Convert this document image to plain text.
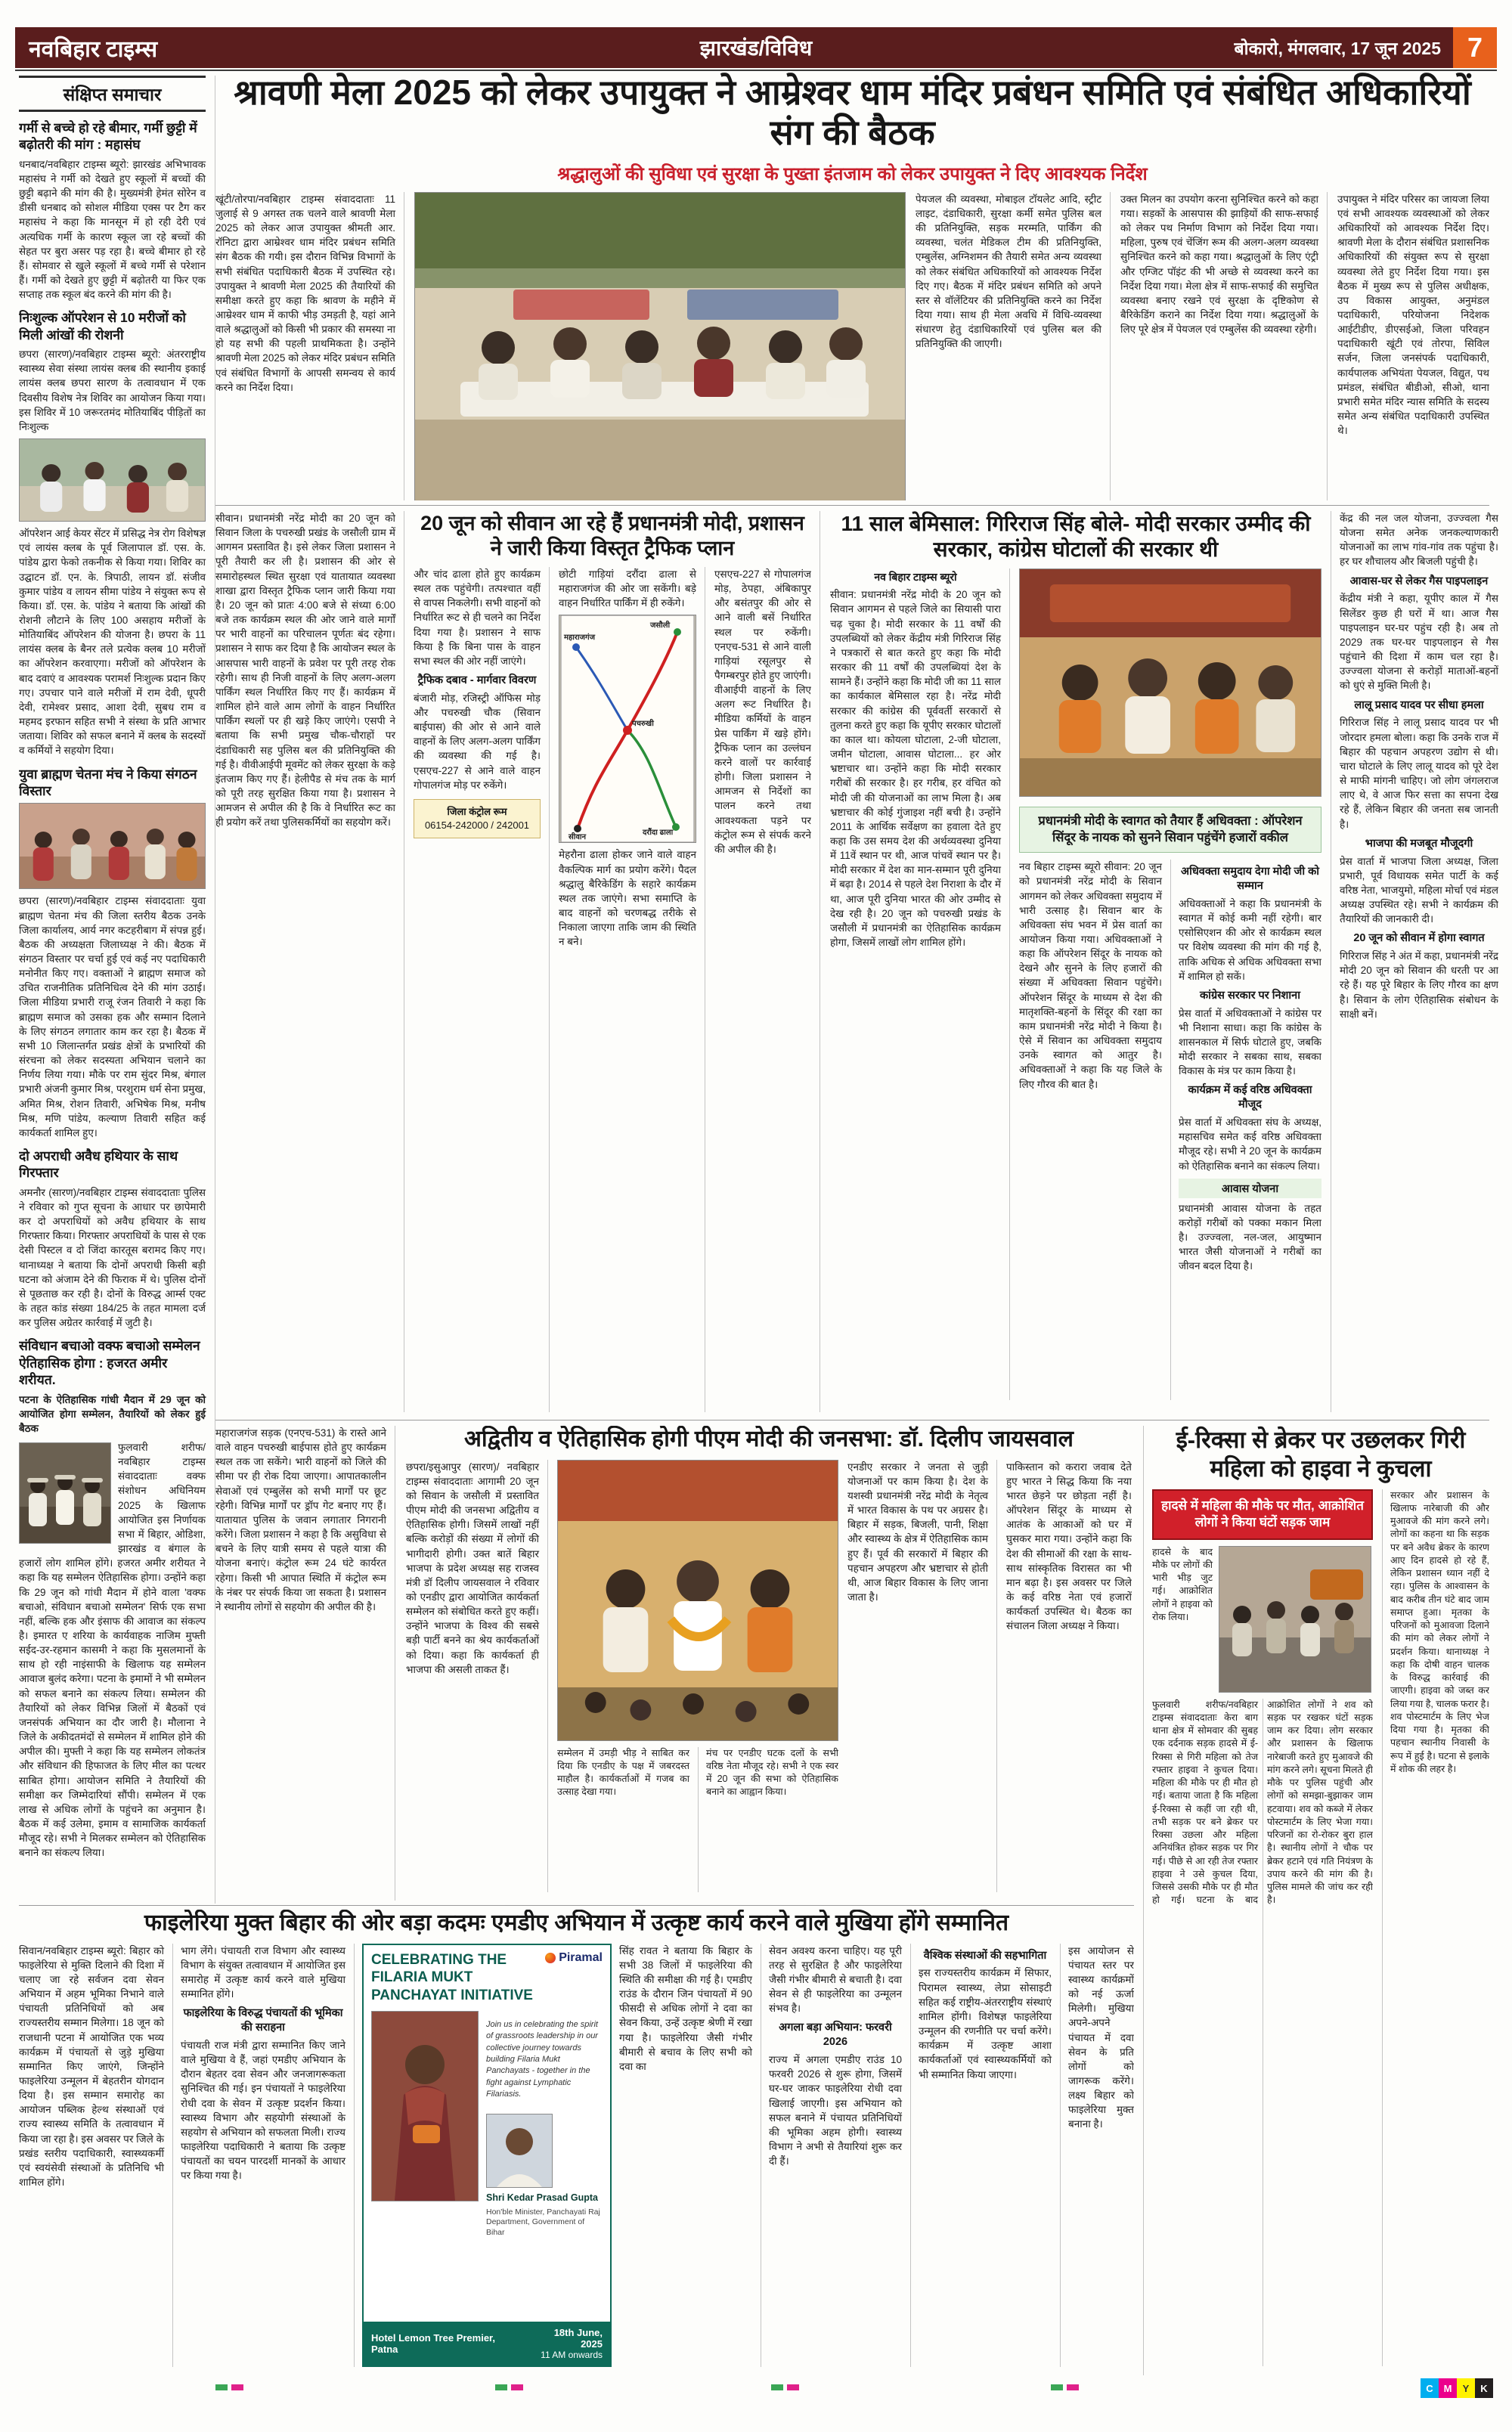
नवबिहार टाइम्स	झारखंड/विविध	बोकारो, मंगलवार, 17 जून 2025 7
संक्षिप्त समाचार
गर्मी से बच्चे हो रहे बीमार, गर्मी छुट्टी में बढ़ोतरी की मांग : महासंघ

धनबाद/नवबिहार टाइम्स ब्यूरो: झारखंड अभिभावक महासंघ ने गर्मी को देखते हुए स्कूलों में बच्चों की छुट्टी बढ़ाने की मांग की है। मुख्यमंत्री हेमंत सोरेन व डीसी धनबाद को सोशल मीडिया एक्स पर टैग कर महासंघ ने कहा कि मानसून में हो रही देरी एवं अत्यधिक गर्मी के कारण स्कूल जा रहे बच्चों की सेहत पर बुरा असर पड़ रहा है। बच्चे बीमार हो रहे हैं। सोमवार से खुले स्कूलों में बच्चे गर्मी से परेशान हैं। गर्मी को देखते हुए छुट्टी में बढ़ोतरी या फिर एक सप्ताह तक स्कूल बंद करने की मांग की है।

निःशुल्क ऑपरेशन से 10 मरीजों को मिली आंखों की रोशनी

छपरा (सारण)/नवबिहार टाइम्स ब्यूरो: अंतरराष्ट्रीय स्वास्थ्य सेवा संस्था लायंस क्लब की स्थानीय इकाई लायंस क्लब छपरा सारण के तत्वावधान में एक दिवसीय विशेष नेत्र शिविर का आयोजन किया गया। इस शिविर में 10 जरूरतमंद मोतियाबिंद पीड़ितों का निःशुल्क

ऑपरेशन आई केयर सेंटर में प्रसिद्ध नेत्र रोग विशेषज्ञ एवं लायंस क्लब के पूर्व जिलापाल डॉ. एस. के. पांडेय द्वारा फेको तकनीक से किया गया। शिविर का उद्घाटन डॉ. एन. के. त्रिपाठी, लायन डॉ. संजीव कुमार पांडेय व लायन सीमा पांडेय ने संयुक्त रूप से किया। डॉ. एस. के. पांडेय ने बताया कि आंखों की रोशनी लौटाने के लिए 100 असहाय मरीजों के मोतियाबिंद ऑपरेशन की योजना है। छपरा के 11 लायंस क्लब के बैनर तले प्रत्येक क्लब 10 मरीजों का ऑपरेशन करवाएगा। मरीजों को ऑपरेशन के बाद दवाएं व आवश्यक परामर्श निःशुल्क प्रदान किए गए। उपचार पाने वाले मरीजों में राम देवी, धूपरी देवी, रामेश्वर प्रसाद, आशा देवी, सुबध राम व महमद इरफान सहित सभी ने संस्था के प्रति आभार जताया। शिविर को सफल बनाने में क्लब के सदस्यों व कर्मियों ने सहयोग दिया।

युवा ब्राह्मण चेतना मंच ने किया संगठन विस्तार

छपरा (सारण)/नवबिहार टाइम्स संवाददाताः युवा ब्राह्मण चेतना मंच की जिला स्तरीय बैठक उनके जिला कार्यालय, आर्य नगर कटहरीबाग में संपन्न हुई। बैठक की अध्यक्षता जिलाध्यक्ष ने की। बैठक में संगठन विस्तार पर चर्चा हुई एवं कई नए पदाधिकारी मनोनीत किए गए। वक्ताओं ने ब्राह्मण समाज को उचित राजनीतिक प्रतिनिधित्व देने की मांग उठाई। जिला मीडिया प्रभारी राजू रंजन तिवारी ने कहा कि ब्राह्मण समाज को उसका हक और सम्मान दिलाने के लिए संगठन लगातार काम कर रहा है। बैठक में सभी 10 जिलान्तर्गत प्रखंड क्षेत्रों के प्रभारियों की संरचना को लेकर सदस्यता अभियान चलाने का निर्णय लिया गया। मौके पर राम सुंदर मिश्र, बंगाल प्रभारी अंजनी कुमार मिश्र, परशुराम धर्म सेना प्रमुख, अमित मिश्र, रोशन तिवारी, अभिषेक मिश्र, मनीष मिश्र, मणि पांडेय, कल्याण तिवारी सहित कई कार्यकर्ता शामिल हुए।

दो अपराधी अवैध हथियार के साथ गिरफ्तार

अमनौर (सारण)/नवबिहार टाइम्स संवाददाताः पुलिस ने रविवार को गुप्त सूचना के आधार पर छापेमारी कर दो अपराधियों को अवैध हथियार के साथ गिरफ्तार किया। गिरफ्तार अपराधियों के पास से एक देसी पिस्टल व दो जिंदा कारतूस बरामद किए गए। थानाध्यक्ष ने बताया कि दोनों अपराधी किसी बड़ी घटना को अंजाम देने की फिराक में थे। पुलिस दोनों से पूछताछ कर रही है। दोनों के विरुद्ध आर्म्स एक्ट के तहत कांड संख्या 184/25 के तहत मामला दर्ज कर पुलिस अग्रेतर कार्रवाई में जुटी है।

संविधान बचाओ वक्फ बचाओ सम्मेलन ऐतिहासिक होगा : हजरत अमीर शरीयत.

पटना के ऐतिहासिक गांधी मैदान में 29 जून को आयोजित होगा सम्मेलन, तैयारियों को लेकर हुई बैठक

फुलवारी शरीफ/नवबिहार टाइम्स संवाददाताः वक्फ संशोधन अधिनियम 2025 के खिलाफ आयोजित इस निर्णायक सभा में बिहार, ओडिशा, झारखंड व बंगाल के हजारों लोग शामिल होंगे। हजरत अमीर शरीयत ने कहा कि यह सम्मेलन ऐतिहासिक होगा। उन्होंने कहा कि 29 जून को गांधी मैदान में होने वाला 'वक्फ बचाओ, संविधान बचाओ सम्मेलन' सिर्फ एक सभा नहीं, बल्कि हक और इंसाफ की आवाज का संकल्प है। इमारत ए शरिया के कार्यवाहक नाजिम मुफ्ती सईद-उर-रहमान कासमी ने कहा कि मुसलमानों के साथ हो रही नाइंसाफी के खिलाफ यह सम्मेलन आवाज बुलंद करेगा। पटना के इमामों ने भी सम्मेलन को सफल बनाने का संकल्प लिया। सम्मेलन की तैयारियों को लेकर विभिन्न जिलों में बैठकों एवं जनसंपर्क अभियान का दौर जारी है। मौलाना ने जिले के अकीदतमंदों से सम्मेलन में शामिल होने की अपील की। मुफ्ती ने कहा कि यह सम्मेलन लोकतंत्र और संविधान की हिफाजत के लिए मील का पत्थर साबित होगा। आयोजन समिति ने तैयारियों की समीक्षा कर जिम्मेदारियां सौंपी। सम्मेलन में एक लाख से अधिक लोगों के पहुंचने का अनुमान है। बैठक में कई उलेमा, इमाम व सामाजिक कार्यकर्ता मौजूद रहे। सभी ने मिलकर सम्मेलन को ऐतिहासिक बनाने का संकल्प लिया।

श्रावणी मेला 2025 को लेकर उपायुक्त ने आम्रेश्वर धाम मंदिर प्रबंधन समिति एवं संबंधित अधिकारियों संग की बैठक
श्रद्धालुओं की सुविधा एवं सुरक्षा के पुख्ता इंतजाम को लेकर उपायुक्त ने दिए आवश्यक निर्देश

खूंटी/तोरपा/नवबिहार टाइम्स संवाददाताः 11 जुलाई से 9 अगस्त तक चलने वाले श्रावणी मेला 2025 को लेकर आज उपायुक्त श्रीमती आर. रॉनिटा द्वारा आम्रेश्वर धाम मंदिर प्रबंधन समिति संग बैठक की गयी। इस दौरान विभिन्न विभागों के सभी संबंधित पदाधिकारी बैठक में उपस्थित रहे। उपायुक्त ने श्रावणी मेला 2025 की तैयारियों की समीक्षा करते हुए कहा कि श्रावण के महीने में आम्रेश्वर धाम में काफी भीड़ उमड़ती है, यहां आने वाले श्रद्धालुओं को किसी भी प्रकार की समस्या ना हो यह सभी की पहली प्राथमिकता है। उन्होंने श्रावणी मेला 2025 को लेकर मंदिर प्रबंधन समिति एवं संबंधित विभागों के आपसी समन्वय से कार्य करने का निर्देश दिया।

पेयजल की व्यवस्था, मोबाइल टॉयलेट आदि, स्ट्रीट लाइट, दंडाधिकारी, सुरक्षा कर्मी समेत पुलिस बल की प्रतिनियुक्ति, सड़क मरम्मति, पार्किंग की व्यवस्था, चलंत मेडिकल टीम की प्रतिनियुक्ति, एम्बुलेंस, अग्निशमन की तैयारी समेत अन्य व्यवस्था को लेकर संबंधित अधिकारियों को आवश्यक निर्देश दिए गए। बैठक में मंदिर प्रबंधन समिति को अपने स्तर से वॉलेंटियर की प्रतिनियुक्ति करने का निर्देश दिया गया। साथ ही मेला अवधि में विधि-व्यवस्था संधारण हेतु दंडाधिकारियों एवं पुलिस बल की प्रतिनियुक्ति की जाएगी।

उक्त मिलन का उपयोग करना सुनिश्चित करने को कहा गया। सड़कों के आसपास की झाड़ियों की साफ-सफाई को लेकर पथ निर्माण विभाग को निर्देश दिया गया। महिला, पुरुष एवं चेंजिंग रूम की अलग-अलग व्यवस्था सुनिश्चित करने को कहा गया। श्रद्धालुओं के लिए एंट्री और एग्जिट पॉइंट की भी अच्छे से व्यवस्था करने का निर्देश दिया गया। मेला क्षेत्र में साफ-सफाई की समुचित व्यवस्था बनाए रखने एवं सुरक्षा के दृष्टिकोण से बैरिकेडिंग कराने का निर्देश दिया गया। श्रद्धालुओं के लिए पूरे क्षेत्र में पेयजल एवं एम्बुलेंस की व्यवस्था रहेगी।

उपायुक्त ने मंदिर परिसर का जायजा लिया एवं सभी आवश्यक व्यवस्थाओं को लेकर अधिकारियों को आवश्यक निर्देश दिए। श्रावणी मेला के दौरान संबंधित प्रशासनिक अधिकारियों की संयुक्त रूप से सुरक्षा व्यवस्था लेते हुए निर्देश दिया गया। इस बैठक में मुख्य रूप से पुलिस अधीक्षक, उप विकास आयुक्त, अनुमंडल पदाधिकारी, परियोजना निदेशक आईटीडीए, डीएसईओ, जिला परिवहन पदाधिकारी खूंटी एवं तोरपा, सिविल सर्जन, जिला जनसंपर्क पदाधिकारी, कार्यपालक अभियंता पेयजल, विद्युत, पथ प्रमंडल, संबंधित बीडीओ, सीओ, थाना प्रभारी समेत मंदिर न्यास समिति के सदस्य समेत अन्य संबंधित पदाधिकारी उपस्थित थे।

सीवान। प्रधानमंत्री नरेंद्र मोदी का 20 जून को सिवान जिला के पचरुखी प्रखंड के जसौली ग्राम में आगमन प्रस्तावित है। इसे लेकर जिला प्रशासन ने पूरी तैयारी कर ली है। प्रशासन की ओर से समारोहस्थल स्थित सुरक्षा एवं यातायात व्यवस्था शाखा द्वारा विस्तृत ट्रैफिक प्लान जारी किया गया है। 20 जून को प्रातः 4:00 बजे से संध्या 6:00 बजे तक कार्यक्रम स्थल की ओर जाने वाले मार्गों पर भारी वाहनों का परिचालन पूर्णतः बंद रहेगा। प्रशासन ने साफ कर दिया है कि आयोजन स्थल के आसपास भारी वाहनों के प्रवेश पर पूरी तरह रोक रहेगी। साथ ही निजी वाहनों के लिए अलग-अलग पार्किंग स्थल निर्धारित किए गए हैं। कार्यक्रम में शामिल होने वाले आम लोगों के वाहन निर्धारित पार्किंग स्थलों पर ही खड़े किए जाएंगे। एसपी ने बताया कि सभी प्रमुख चौक-चौराहों पर दंडाधिकारी सह पुलिस बल की प्रतिनियुक्ति की गई है। वीवीआईपी मूवमेंट को लेकर सुरक्षा के कड़े इंतजाम किए गए हैं। हेलीपैड से मंच तक के मार्ग को पूरी तरह सुरक्षित किया गया है। प्रशासन ने आमजन से अपील की है कि वे निर्धारित रूट का ही प्रयोग करें तथा पुलिसकर्मियों का सहयोग करें।

20 जून को सीवान आ रहे हैं प्रधानमंत्री मोदी, प्रशासन ने जारी किया विस्तृत ट्रैफिक प्लान

और चांद ढाला होते हुए कार्यक्रम स्थल तक पहुंचेगी। तत्पश्चात वहीं से वापस निकलेगी। सभी वाहनों को निर्धारित रूट से ही चलने का निर्देश दिया गया है। प्रशासन ने साफ किया है कि बिना पास के वाहन सभा स्थल की ओर नहीं जाएंगे।

ट्रैफिक दबाव - मार्गवार विवरण

बंजारी मोड़, रजिस्ट्री ऑफिस मोड़ और पचरुखी चौक (सिवान बाईपास) की ओर से आने वाले वाहनों के लिए अलग-अलग पार्किंग की व्यवस्था की गई है। एसएच-227 से आने वाले वाहन गोपालगंज मोड़ पर रुकेंगे।

जिला कंट्रोल रूम
06154-242000 / 242001

छोटी गाड़ियां दरौंदा ढाला से महाराजगंज की ओर जा सकेंगी। बड़े वाहन निर्धारित पार्किंग में ही रुकेंगे।

सीवान
दरौंदा ढाला
पचरुखी
जसौली
महाराजगंज

मेहरौना ढाला होकर जाने वाले वाहन वैकल्पिक मार्ग का प्रयोग करेंगे। पैदल श्रद्धालु बैरिकेडिंग के सहारे कार्यक्रम स्थल तक जाएंगे। सभा समाप्ति के बाद वाहनों को चरणबद्ध तरीके से निकाला जाएगा ताकि जाम की स्थिति न बने।

एसएच-227 से गोपालगंज मोड़, ठेपहा, अंबिकापुर और बसंतपुर की ओर से आने वाली बसें निर्धारित स्थल पर रुकेंगी। एनएच-531 से आने वाली गाड़ियां रसूलपुर से पैगम्बरपुर होते हुए जाएंगी। वीआईपी वाहनों के लिए अलग रूट निर्धारित है। मीडिया कर्मियों के वाहन प्रेस पार्किंग में खड़े होंगे। ट्रैफिक प्लान का उल्लंघन करने वालों पर कार्रवाई होगी। जिला प्रशासन ने आमजन से निर्देशों का पालन करने तथा आवश्यकता पड़ने पर कंट्रोल रूम से संपर्क करने की अपील की है।

11 साल बेमिसाल: गिरिराज सिंह बोले- मोदी सरकार उम्मीद की सरकार, कांग्रेस घोटालों की सरकार थी
नव बिहार टाइम्स ब्यूरो

सीवान: प्रधानमंत्री नरेंद्र मोदी के 20 जून को सिवान आगमन से पहले जिले का सियासी पारा चढ़ चुका है। मोदी सरकार के 11 वर्षों की उपलब्धियों को लेकर केंद्रीय मंत्री गिरिराज सिंह ने पत्रकारों से बात करते हुए कहा कि मोदी सरकार की 11 वर्षों की उपलब्धियां देश के सामने हैं। उन्होंने कहा कि मोदी जी का 11 साल का कार्यकाल बेमिसाल रहा है। नरेंद्र मोदी सरकार की कांग्रेस की पूर्ववर्ती सरकारों से तुलना करते हुए कहा कि यूपीए सरकार घोटालों का काल था। कोयला घोटाला, 2-जी घोटाला, जमीन घोटाला, आवास घोटाला... हर ओर भ्रष्टाचार था। उन्होंने कहा कि मोदी सरकार गरीबों की सरकार है। हर गरीब, हर वंचित को मोदी जी की योजनाओं का लाभ मिला है। अब भ्रष्टाचार की कोई गुंजाइश नहीं बची है। उन्होंने 2011 के आर्थिक सर्वेक्षण का हवाला देते हुए कहा कि उस समय देश की अर्थव्यवस्था दुनिया में 11वें स्थान पर थी, आज पांचवें स्थान पर है। मोदी सरकार में देश का मान-सम्मान पूरी दुनिया में बढ़ा है। 2014 से पहले देश निराशा के दौर में था, आज पूरी दुनिया भारत की ओर उम्मीद से देख रही है। 20 जून को पचरुखी प्रखंड के जसौली में प्रधानमंत्री का ऐतिहासिक कार्यक्रम होगा, जिसमें लाखों लोग शामिल होंगे।

प्रधानमंत्री मोदी के स्वागत को तैयार हैं अधिवक्ता : ऑपरेशन सिंदूर के नायक को सुनने सिवान पहुंचेंगे हजारों वकील

नव बिहार टाइम्स ब्यूरो सीवान: 20 जून को प्रधानमंत्री नरेंद्र मोदी के सिवान आगमन को लेकर अधिवक्ता समुदाय में भारी उत्साह है। सिवान बार के अधिवक्ता संघ भवन में प्रेस वार्ता का आयोजन किया गया। अधिवक्ताओं ने कहा कि ऑपरेशन सिंदूर के नायक को देखने और सुनने के लिए हजारों की संख्या में अधिवक्ता सिवान पहुंचेंगे। ऑपरेशन सिंदूर के माध्यम से देश की मातृशक्ति-बहनों के सिंदूर की रक्षा का काम प्रधानमंत्री नरेंद्र मोदी ने किया है। ऐसे में सिवान का अधिवक्ता समुदाय उनके स्वागत को आतुर है। अधिवक्ताओं ने कहा कि यह जिले के लिए गौरव की बात है।

अधिवक्ता समुदाय देगा मोदी जी को सम्मान

अधिवक्ताओं ने कहा कि प्रधानमंत्री के स्वागत में कोई कमी नहीं रहेगी। बार एसोसिएशन की ओर से कार्यक्रम स्थल पर विशेष व्यवस्था की मांग की गई है, ताकि अधिक से अधिक अधिवक्ता सभा में शामिल हो सकें।

कांग्रेस सरकार पर निशाना

प्रेस वार्ता में अधिवक्ताओं ने कांग्रेस पर भी निशाना साधा। कहा कि कांग्रेस के शासनकाल में सिर्फ घोटाले हुए, जबकि मोदी सरकार ने सबका साथ, सबका विकास के मंत्र पर काम किया है।

कार्यक्रम में कई वरिष्ठ अधिवक्ता मौजूद

प्रेस वार्ता में अधिवक्ता संघ के अध्यक्ष, महासचिव समेत कई वरिष्ठ अधिवक्ता मौजूद रहे। सभी ने 20 जून के कार्यक्रम को ऐतिहासिक बनाने का संकल्प लिया।

आवास योजना

प्रधानमंत्री आवास योजना के तहत करोड़ों गरीबों को पक्का मकान मिला है। उज्ज्वला, नल-जल, आयुष्मान भारत जैसी योजनाओं ने गरीबों का जीवन बदल दिया है।

केंद्र की नल जल योजना, उज्ज्वला गैस योजना समेत अनेक जनकल्याणकारी योजनाओं का लाभ गांव-गांव तक पहुंचा है। हर घर शौचालय और बिजली पहुंची है।

आवास-घर से लेकर गैस पाइपलाइन

केंद्रीय मंत्री ने कहा, यूपीए काल में गैस सिलेंडर कुछ ही घरों में था। आज गैस पाइपलाइन घर-घर पहुंच रही है। अब तो 2029 तक घर-घर पाइपलाइन से गैस पहुंचाने की दिशा में काम चल रहा है। उज्ज्वला योजना से करोड़ों माताओं-बहनों को धुएं से मुक्ति मिली है।

लालू प्रसाद यादव पर सीधा हमला

गिरिराज सिंह ने लालू प्रसाद यादव पर भी जोरदार हमला बोला। कहा कि उनके राज में बिहार की पहचान अपहरण उद्योग से थी। चारा घोटाले के लिए लालू यादव को पूरे देश से माफी मांगनी चाहिए। जो लोग जंगलराज लाए थे, वे आज फिर सत्ता का सपना देख रहे हैं, लेकिन बिहार की जनता सब जानती है।

भाजपा की मजबूत मौजूदगी

प्रेस वार्ता में भाजपा जिला अध्यक्ष, जिला प्रभारी, पूर्व विधायक समेत पार्टी के कई वरिष्ठ नेता, भाजयुमो, महिला मोर्चा एवं मंडल अध्यक्ष उपस्थित रहे। सभी ने कार्यक्रम की तैयारियों की जानकारी दी।

20 जून को सीवान में होगा स्वागत

गिरिराज सिंह ने अंत में कहा, प्रधानमंत्री नरेंद्र मोदी 20 जून को सिवान की धरती पर आ रहे हैं। यह पूरे बिहार के लिए गौरव का क्षण है। सिवान के लोग ऐतिहासिक संबोधन के साक्षी बनें।

महाराजगंज सड़क (एनएच-531) के रास्ते आने वाले वाहन पचरुखी बाईपास होते हुए कार्यक्रम स्थल तक जा सकेंगे। भारी वाहनों को जिले की सीमा पर ही रोक दिया जाएगा। आपातकालीन सेवाओं एवं एम्बुलेंस को सभी मार्गों पर छूट रहेगी। विभिन्न मार्गों पर ड्रॉप गेट बनाए गए हैं। यातायात पुलिस के जवान लगातार निगरानी करेंगे। जिला प्रशासन ने कहा है कि असुविधा से बचने के लिए यात्री समय से पहले यात्रा की योजना बनाएं। कंट्रोल रूम 24 घंटे कार्यरत रहेगा। किसी भी आपात स्थिति में कंट्रोल रूम के नंबर पर संपर्क किया जा सकता है। प्रशासन ने स्थानीय लोगों से सहयोग की अपील की है।

अद्वितीय व ऐतिहासिक होगी पीएम मोदी की जनसभा: डॉ. दिलीप जायसवाल

छपरा/इसुआपुर (सारण)/ नवबिहार टाइम्स संवाददाताः आगामी 20 जून को सिवान के जसौली में प्रस्तावित पीएम मोदी की जनसभा अद्वितीय व ऐतिहासिक होगी। जिसमें लाखों नहीं बल्कि करोड़ों की संख्या में लोगों की भागीदारी होगी। उक्त बातें बिहार भाजपा के प्रदेश अध्यक्ष सह राजस्व मंत्री डॉ दिलीप जायसवाल ने रविवार को एनडीए द्वारा आयोजित कार्यकर्ता सम्मेलन को संबोधित करते हुए कहीं। उन्होंने भाजपा के विश्व की सबसे बड़ी पार्टी बनने का श्रेय कार्यकर्ताओं को दिया। कहा कि कार्यकर्ता ही भाजपा की असली ताकत हैं।

सम्मेलन में उमड़ी भीड़ ने साबित कर दिया कि एनडीए के पक्ष में जबरदस्त माहौल है। कार्यकर्ताओं में गजब का उत्साह देखा गया।

मंच पर एनडीए घटक दलों के सभी वरिष्ठ नेता मौजूद रहे। सभी ने एक स्वर में 20 जून की सभा को ऐतिहासिक बनाने का आह्वान किया।

एनडीए सरकार ने जनता से जुड़ी योजनाओं पर काम किया है। देश के यशस्वी प्रधानमंत्री नरेंद्र मोदी के नेतृत्व में भारत विकास के पथ पर अग्रसर है। बिहार में सड़क, बिजली, पानी, शिक्षा और स्वास्थ्य के क्षेत्र में ऐतिहासिक काम हुए हैं। पूर्व की सरकारों में बिहार की पहचान अपहरण और भ्रष्टाचार से होती थी, आज बिहार विकास के लिए जाना जाता है।

पाकिस्तान को करारा जवाब देते हुए भारत ने सिद्ध किया कि नया भारत छेड़ने पर छोड़ता नहीं है। ऑपरेशन सिंदूर के माध्यम से आतंक के आकाओं को घर में घुसकर मारा गया। उन्होंने कहा कि देश की सीमाओं की रक्षा के साथ-साथ सांस्कृतिक विरासत का भी मान बढ़ा है। इस अवसर पर जिले के कई वरिष्ठ नेता एवं हजारों कार्यकर्ता उपस्थित थे। बैठक का संचालन जिला अध्यक्ष ने किया।

ई-रिक्सा से ब्रेकर पर उछलकर गिरी महिला को हाइवा ने कुचला
हादसे में महिला की मौके पर मौत, आक्रोशित लोगों ने किया घंटों सड़क जाम

हादसे के बाद मौके पर लोगों की भारी भीड़ जुट गई। आक्रोशित लोगों ने हाइवा को रोक लिया।

फुलवारी शरीफ/नवबिहार टाइम्स संवाददाताः केरा बाग थाना क्षेत्र में सोमवार की सुबह एक दर्दनाक सड़क हादसे में ई-रिक्सा से गिरी महिला को तेज रफ्तार हाइवा ने कुचल दिया। महिला की मौके पर ही मौत हो गई। बताया जाता है कि महिला ई-रिक्सा से कहीं जा रही थी, तभी सड़क पर बने ब्रेकर पर रिक्सा उछला और महिला अनियंत्रित होकर सड़क पर गिर गई। पीछे से आ रही तेज रफ्तार हाइवा ने उसे कुचल दिया, जिससे उसकी मौके पर ही मौत हो गई। घटना के बाद आक्रोशित लोगों ने शव को सड़क पर रखकर घंटों सड़क जाम कर दिया। लोग सरकार और प्रशासन के खिलाफ नारेबाजी करते हुए मुआवजे की मांग करने लगे। सूचना मिलते ही मौके पर पुलिस पहुंची और लोगों को समझा-बुझाकर जाम हटवाया। शव को कब्जे में लेकर पोस्टमार्टम के लिए भेजा गया। परिजनों का रो-रोकर बुरा हाल है। स्थानीय लोगों ने चौक पर ब्रेकर हटाने एवं गति नियंत्रण के उपाय करने की मांग की है। पुलिस मामले की जांच कर रही है।

सरकार और प्रशासन के खिलाफ नारेबाजी की और मुआवजे की मांग करने लगे। लोगों का कहना था कि सड़क पर बने अवैध ब्रेकर के कारण आए दिन हादसे हो रहे हैं, लेकिन प्रशासन ध्यान नहीं दे रहा। पुलिस के आश्वासन के बाद करीब तीन घंटे बाद जाम समाप्त हुआ। मृतका के परिजनों को मुआवजा दिलाने की मांग को लेकर लोगों ने प्रदर्शन किया। थानाध्यक्ष ने कहा कि दोषी वाहन चालक के विरुद्ध कार्रवाई की जाएगी। हाइवा को जब्त कर लिया गया है, चालक फरार है। शव पोस्टमार्टम के लिए भेज दिया गया है। मृतका की पहचान स्थानीय निवासी के रूप में हुई है। घटना से इलाके में शोक की लहर है।

फाइलेरिया मुक्त बिहार की ओर बड़ा कदमः एमडीए अभियान में उत्कृष्ट कार्य करने वाले मुखिया होंगे सम्मानित

सिवान/नवबिहार टाइम्स ब्यूरो: बिहार को फाइलेरिया से मुक्ति दिलाने की दिशा में चलाए जा रहे सर्वजन दवा सेवन अभियान में अहम भूमिका निभाने वाले पंचायती प्रतिनिधियों को अब राज्यस्तरीय सम्मान मिलेगा। 18 जून को राजधानी पटना में आयोजित एक भव्य कार्यक्रम में पंचायतों से जुड़े मुखिया सम्मानित किए जाएंगे, जिन्होंने फाइलेरिया उन्मूलन में बेहतरीन योगदान दिया है। इस सम्मान समारोह का आयोजन पब्लिक हेल्थ संस्थाओं एवं राज्य स्वास्थ्य समिति के तत्वावधान में किया जा रहा है। इस अवसर पर जिले के प्रखंड स्तरीय पदाधिकारी, स्वास्थ्यकर्मी एवं स्वयंसेवी संस्थाओं के प्रतिनिधि भी शामिल होंगे।

भाग लेंगे। पंचायती राज विभाग और स्वास्थ्य विभाग के संयुक्त तत्वावधान में आयोजित इस समारोह में उत्कृष्ट कार्य करने वाले मुखिया सम्मानित होंगे।

फाइलेरिया के विरुद्ध पंचायतों की भूमिका की सराहना

पंचायती राज मंत्री द्वारा सम्मानित किए जाने वाले मुखिया वे हैं, जहां एमडीए अभियान के दौरान बेहतर दवा सेवन और जनजागरूकता सुनिश्चित की गई। इन पंचायतों ने फाइलेरिया रोधी दवा के सेवन में उत्कृष्ट प्रदर्शन किया। स्वास्थ्य विभाग और सहयोगी संस्थाओं के सहयोग से अभियान को सफलता मिली। राज्य फाइलेरिया पदाधिकारी ने बताया कि उत्कृष्ट पंचायतों का चयन पारदर्शी मानकों के आधार पर किया गया है।

CELEBRATING THE FILARIA MUKT PANCHAYAT INITIATIVE
Piramal

Join us in celebrating the spirit of grassroots leadership in our collective journey towards building Filaria Mukt Panchayats - together in the fight against Lymphatic Filariasis.

Shri Kedar Prasad Gupta
Hon'ble Minister, Panchayati Raj Department, Government of Bihar
Hotel Lemon Tree Premier, Patna
18th June, 2025
11 AM onwards

सिंह रावत ने बताया कि बिहार के सभी 38 जिलों में फाइलेरिया की स्थिति की समीक्षा की गई है। एमडीए राउंड के दौरान जिन पंचायतों में 90 फीसदी से अधिक लोगों ने दवा का सेवन किया, उन्हें उत्कृष्ट श्रेणी में रखा गया है। फाइलेरिया जैसी गंभीर बीमारी से बचाव के लिए सभी को दवा का

सेवन अवश्य करना चाहिए। यह पूरी तरह से सुरक्षित है और फाइलेरिया जैसी गंभीर बीमारी से बचाती है। दवा सेवन से ही फाइलेरिया का उन्मूलन संभव है।

अगला बड़ा अभियान: फरवरी 2026

राज्य में अगला एमडीए राउंड 10 फरवरी 2026 से शुरू होगा, जिसमें घर-घर जाकर फाइलेरिया रोधी दवा खिलाई जाएगी। इस अभियान को सफल बनाने में पंचायत प्रतिनिधियों की भूमिका अहम होगी। स्वास्थ्य विभाग ने अभी से तैयारियां शुरू कर दी हैं।

वैश्विक संस्थाओं की सहभागिता

इस राज्यस्तरीय कार्यक्रम में सिफार, पिरामल स्वास्थ्य, लेप्रा सोसाइटी सहित कई राष्ट्रीय-अंतरराष्ट्रीय संस्थाएं शामिल होंगी। विशेषज्ञ फाइलेरिया उन्मूलन की रणनीति पर चर्चा करेंगे। कार्यक्रम में उत्कृष्ट आशा कार्यकर्ताओं एवं स्वास्थ्यकर्मियों को भी सम्मानित किया जाएगा।

इस आयोजन से पंचायत स्तर पर स्वास्थ्य कार्यक्रमों को नई ऊर्जा मिलेगी। मुखिया अपने-अपने पंचायत में दवा सेवन के प्रति लोगों को जागरूक करेंगे। लक्ष्य बिहार को फाइलेरिया मुक्त बनाना है।

C	M	Y	K
